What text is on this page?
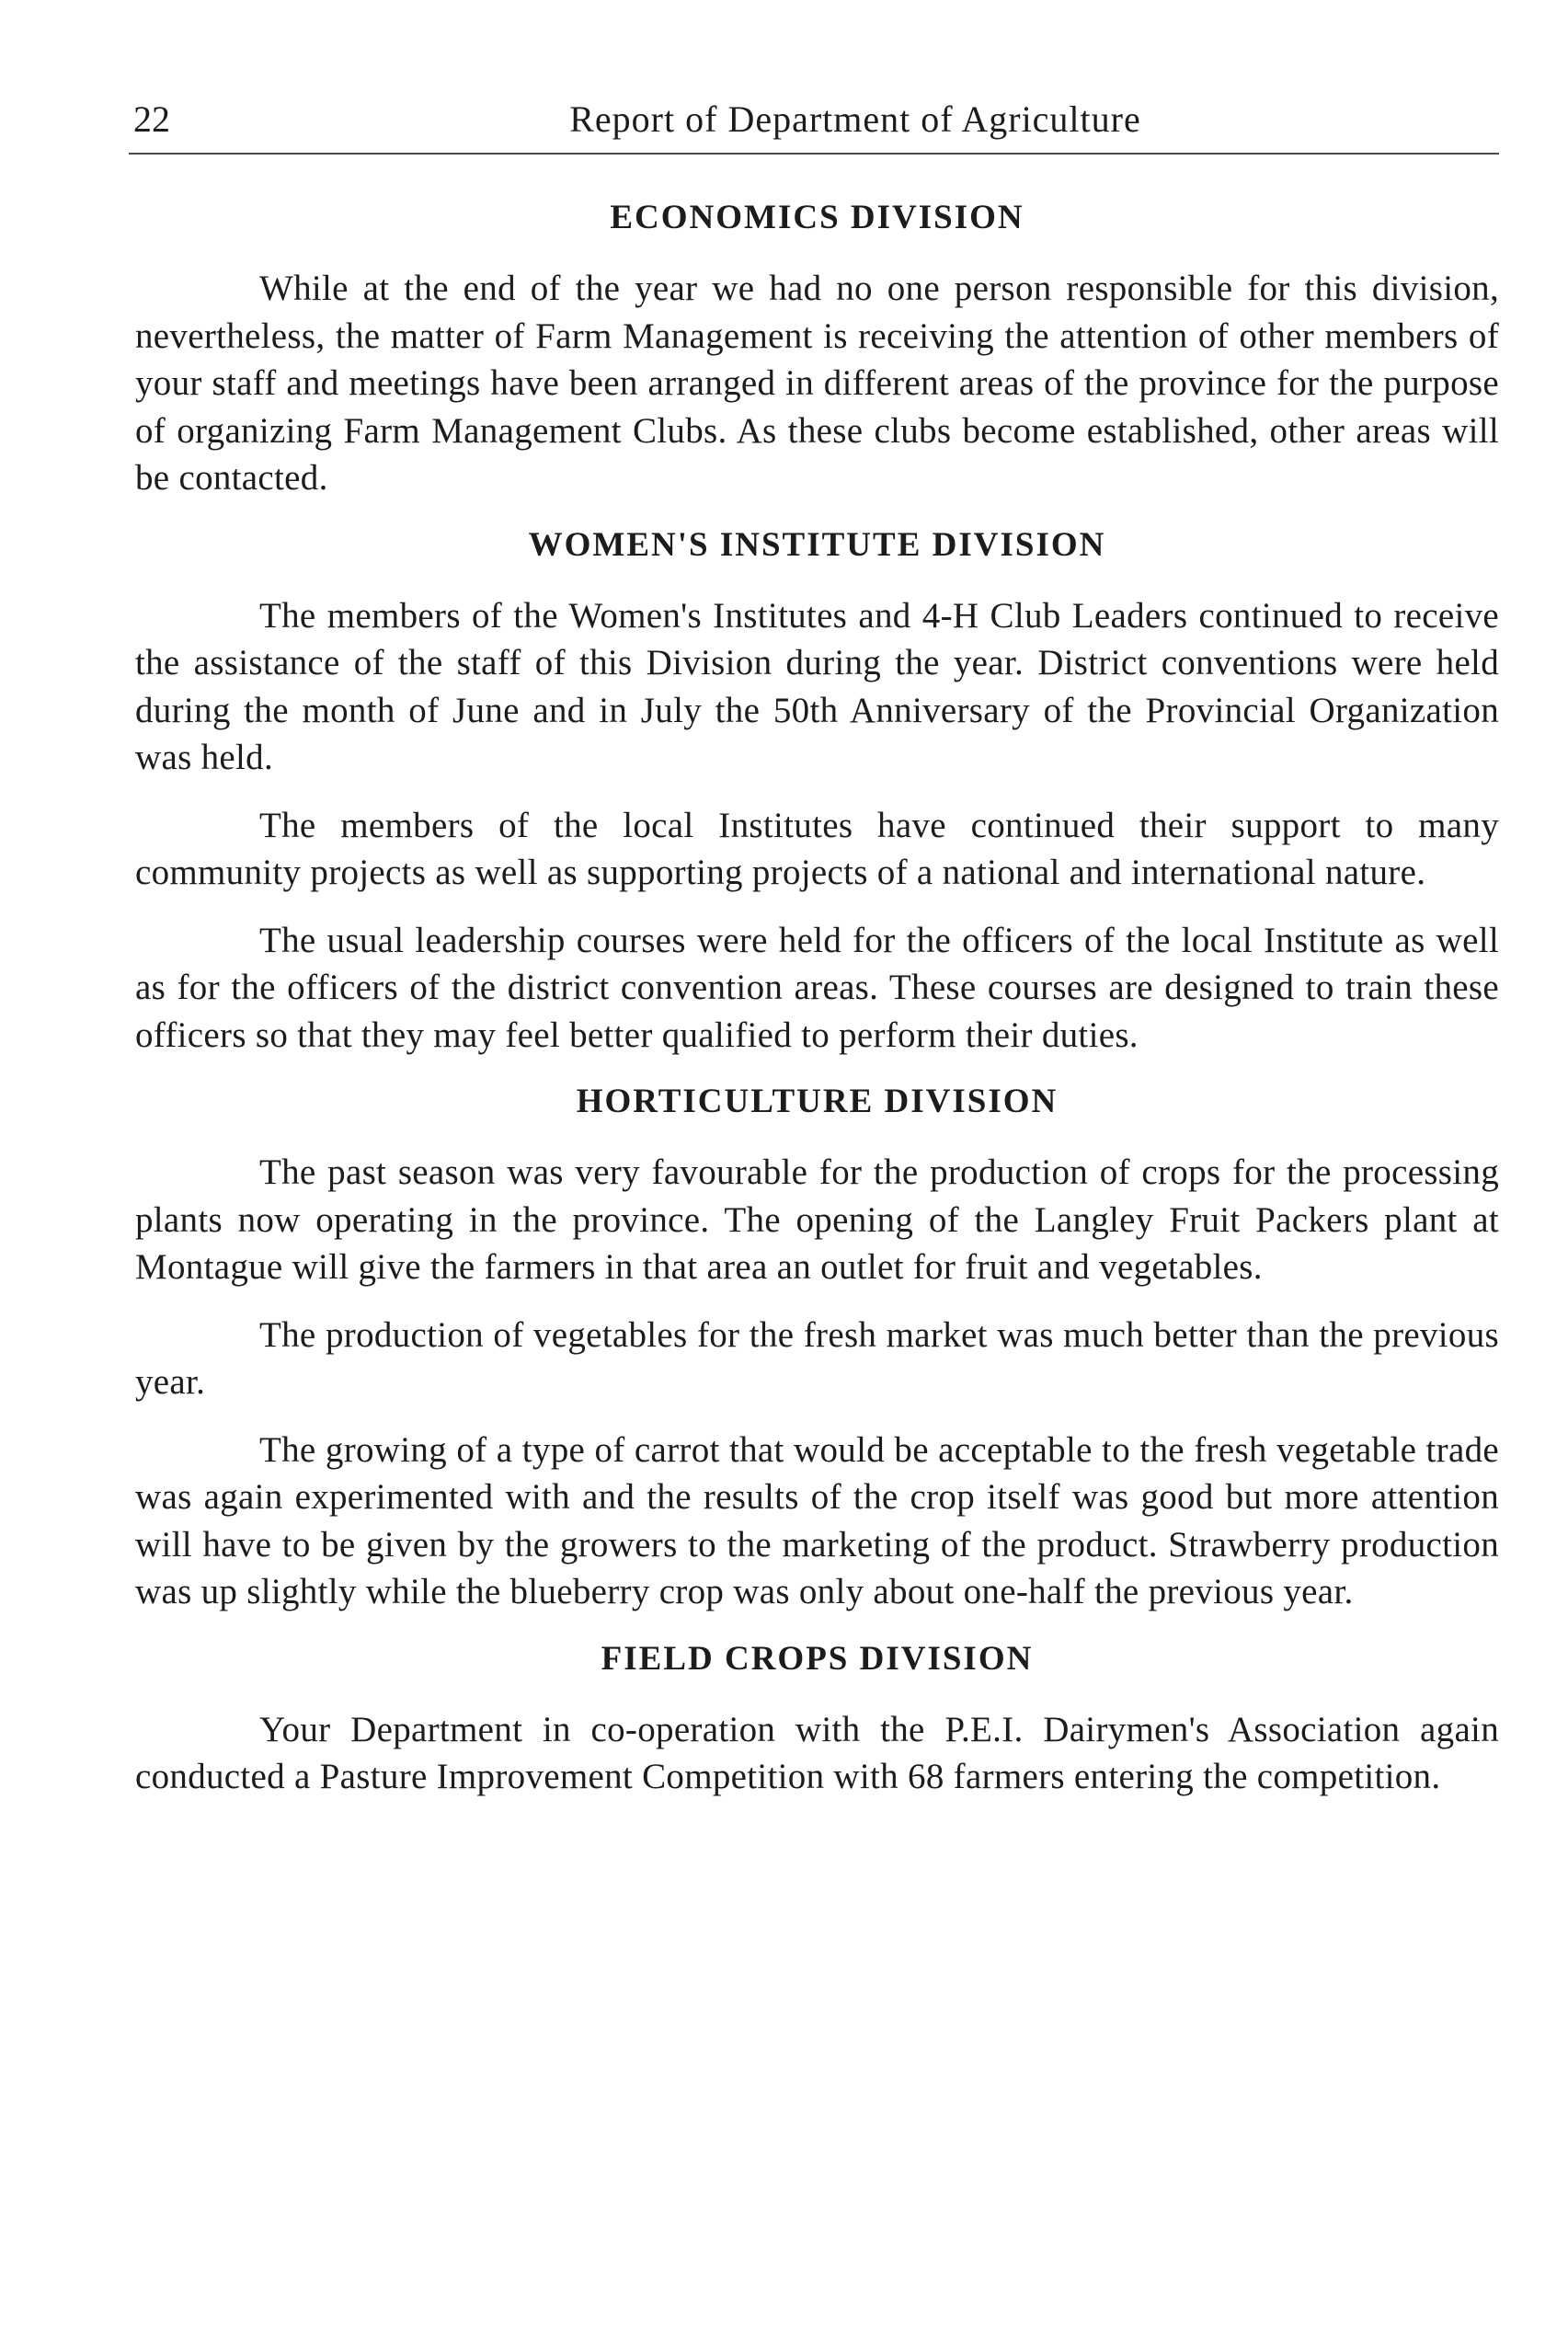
22	Report of Department of Agriculture
ECONOMICS DIVISION

While at the end of the year we had no one person responsible for this division, nevertheless, the matter of Farm Management is receiving the attention of other members of your staff and meetings have been arranged in different areas of the province for the purpose of organizing Farm Management Clubs. As these clubs become established, other areas will be contacted.

WOMEN'S INSTITUTE DIVISION

The members of the Women's Institutes and 4-H Club Leaders continued to receive the assistance of the staff of this Division during the year. District conventions were held during the month of June and in July the 50th Anniversary of the Provincial Organization was held.

The members of the local Institutes have continued their support to many community projects as well as supporting projects of a national and international nature.

The usual leadership courses were held for the officers of the local Institute as well as for the officers of the district convention areas. These courses are designed to train these officers so that they may feel better qualified to perform their duties.

HORTICULTURE DIVISION

The past season was very favourable for the production of crops for the processing plants now operating in the province. The opening of the Langley Fruit Packers plant at Montague will give the farmers in that area an outlet for fruit and vegetables.

The production of vegetables for the fresh market was much better than the previous year.

The growing of a type of carrot that would be acceptable to the fresh vegetable trade was again experimented with and the results of the crop itself was good but more attention will have to be given by the growers to the marketing of the product. Strawberry production was up slightly while the blueberry crop was only about one-half the previous year.

FIELD CROPS DIVISION

Your Department in co-operation with the P.E.I. Dairymen's Association again conducted a Pasture Improvement Competition with 68 farmers entering the competition.
